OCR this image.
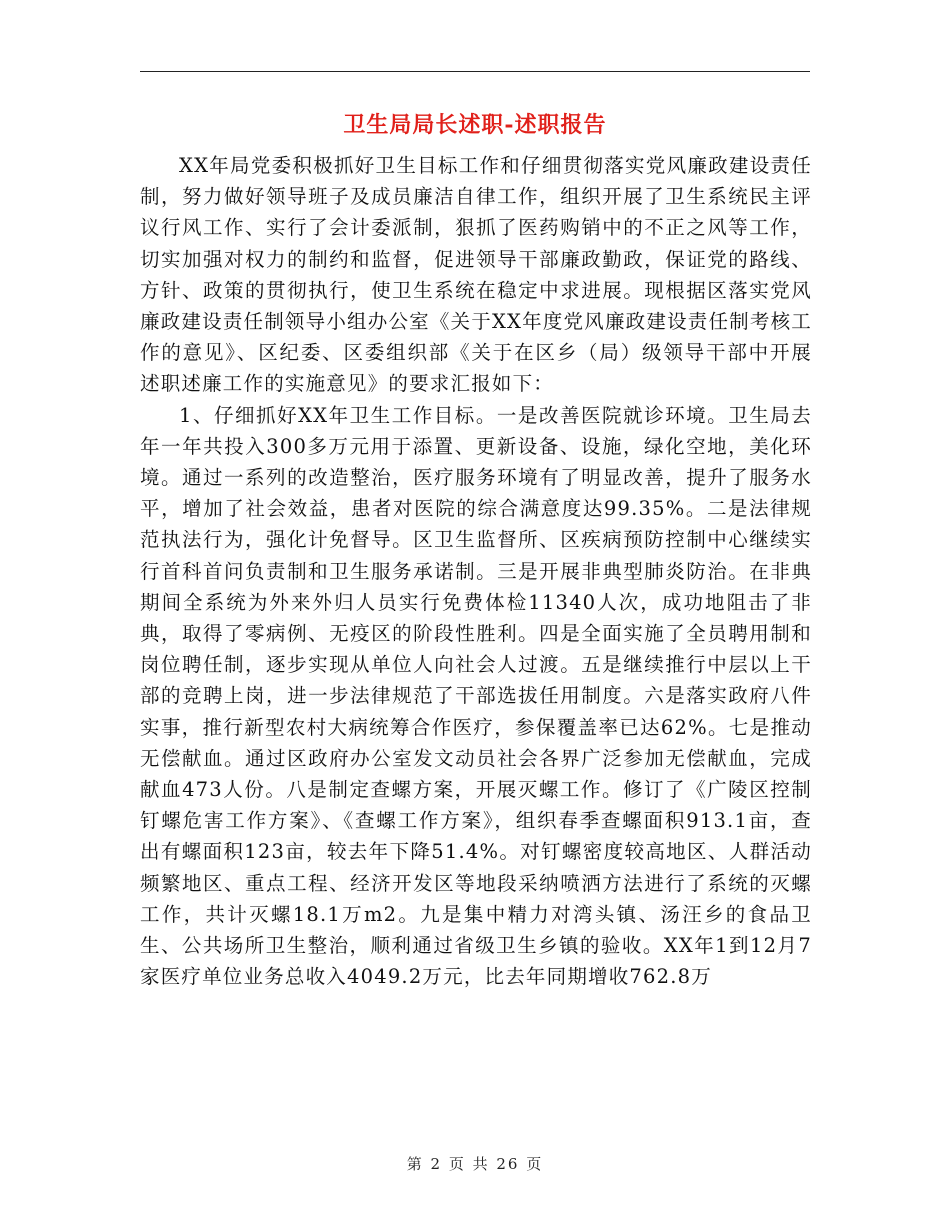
卫生局局长述职-述职报告

XX年局党委积极抓好卫生目标工作和仔细贯彻落实党风廉政建设责任制，努力做好领导班子及成员廉洁自律工作，组织开展了卫生系统民主评议行风工作、实行了会计委派制，狠抓了医药购销中的不正之风等工作，切实加强对权力的制约和监督，促进领导干部廉政勤政，保证党的路线、方针、政策的贯彻执行，使卫生系统在稳定中求进展。现根据区落实党风廉政建设责任制领导小组办公室《关于XX年度党风廉政建设责任制考核工作的意见》、区纪委、区委组织部《关于在区乡（局）级领导干部中开展述职述廉工作的实施意见》的要求汇报如下：

1、仔细抓好XX年卫生工作目标。一是改善医院就诊环境。卫生局去年一年共投入300多万元用于添置、更新设备、设施，绿化空地，美化环境。通过一系列的改造整治，医疗服务环境有了明显改善，提升了服务水平，增加了社会效益，患者对医院的综合满意度达99.35%。二是法律规范执法行为，强化计免督导。区卫生监督所、区疾病预防控制中心继续实行首科首问负责制和卫生服务承诺制。三是开展非典型肺炎防治。在非典期间全系统为外来外归人员实行免费体检11340人次，成功地阻击了非典，取得了零病例、无疫区的阶段性胜利。四是全面实施了全员聘用制和岗位聘任制，逐步实现从单位人向社会人过渡。五是继续推行中层以上干部的竞聘上岗，进一步法律规范了干部选拔任用制度。六是落实政府八件实事，推行新型农村大病统筹合作医疗，参保覆盖率已达62%。七是推动无偿献血。通过区政府办公室发文动员社会各界广泛参加无偿献血，完成献血473人份。八是制定查螺方案，开展灭螺工作。修订了《广陵区控制钉螺危害工作方案》、《查螺工作方案》，组织春季查螺面积913.1亩，查出有螺面积123亩，较去年下降51.4%。对钉螺密度较高地区、人群活动频繁地区、重点工程、经济开发区等地段采纳喷洒方法进行了系统的灭螺工作，共计灭螺18.1万m2。九是集中精力对湾头镇、汤汪乡的食品卫生、公共场所卫生整治，顺利通过省级卫生乡镇的验收。XX年1到12月7家医疗单位业务总收入4049.2万元，比去年同期增收762.8万

第 2 页 共 26 页
